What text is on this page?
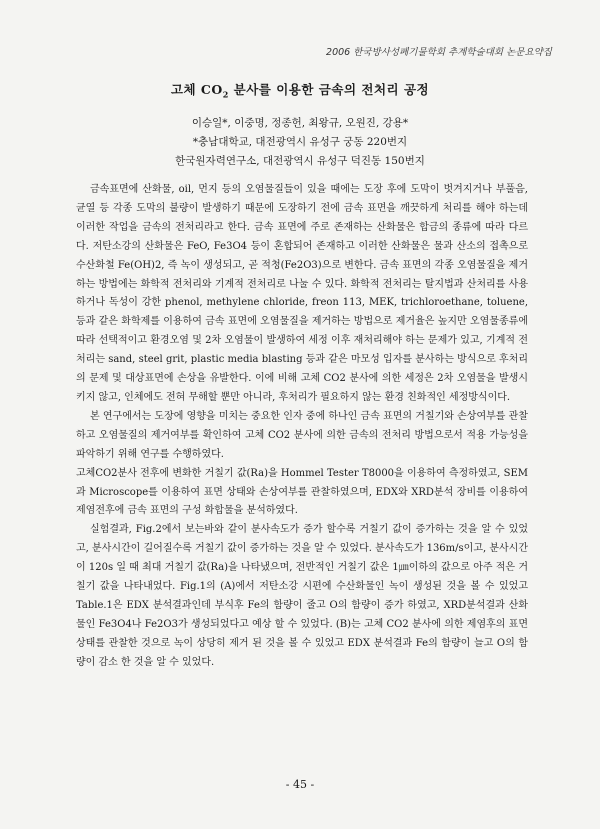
2006 한국방사성폐기물학회 추계학술대회 논문요약집
고체 $CO_2$ 분사를 이용한 금속의 전처리 공정
이승일*, 이중명, 정종헌, 최왕규, 오원진, 강용*
*충남대학교, 대전광역시 유성구 궁동 220번지
한국원자력연구소, 대전광역시 유성구 덕진동 150번지

금속표면에 산화물, oil, 먼지 등의 오염물질들이 있을 때에는 도장 후에 도막이 벗겨지거나 부풀음, 균열 등 각종 도막의 불량이 발생하기 때문에 도장하기 전에 금속 표면을 깨끗하게 처리를 해야 하는데 이러한 작업을 금속의 전처리라고 한다. 금속 표면에 주로 존재하는 산화물은 합금의 종류에 따라 다르다. 저탄소강의 산화물은 FeO, Fe3O4 등이 혼합되어 존재하고 이러한 산화물은 물과 산소의 접촉으로 수산화철 Fe(OH)2, 즉 녹이 생성되고, 곧 적청(Fe2O3)으로 변한다. 금속 표면의 각종 오염물질을 제거하는 방법에는 화학적 전처리와 기계적 전처리로 나눌 수 있다. 화학적 전처리는 탈지법과 산처리를 사용하거나 독성이 강한 phenol, methylene chloride, freon 113, MEK, trichloroethane, toluene, 등과 같은 화학제를 이용하여 금속 표면에 오염물질을 제거하는 방법으로 제거율은 높지만 오염물종류에 따라 선택적이고 환경오염 및 2차 오염물이 발생하여 세정 이후 재처리해야 하는 문제가 있고, 기계적 전처리는 sand, steel grit, plastic media blasting 등과 같은 마모성 입자를 분사하는 방식으로 후처리의 문제 및 대상표면에 손상을 유발한다. 이에 비해 고체 CO2 분사에 의한 세정은 2차 오염물을 발생시키지 않고, 인체에도 전혀 무해할 뿐만 아니라, 후처리가 필요하지 않는 환경 친화적인 세정방식이다.

본 연구에서는 도장에 영향을 미치는 중요한 인자 중에 하나인 금속 표면의 거칠기와 손상여부를 관찰하고 오염물질의 제거여부를 확인하여 고체 CO2 분사에 의한 금속의 전처리 방법으로서 적용 가능성을 파악하기 위해 연구를 수행하였다.

고체CO2분사 전후에 변화한 거칠기 값(Ra)을 Hommel Tester T8000을 이용하여 측정하였고, SEM과 Microscope를 이용하여 표면 상태와 손상여부를 관찰하였으며, EDX와 XRD분석 장비를 이용하여 제염전후에 금속 표면의 구성 화합물을 분석하였다.

실험결과, Fig.2에서 보는바와 같이 분사속도가 증가 할수록 거칠기 값이 증가하는 것을 알 수 있었고, 분사시간이 길어질수록 거칠기 값이 증가하는 것을 알 수 있었다. 분사속도가 136m/s이고, 분사시간이 120s 일 때 최대 거칠기 값(Ra)을 나타냈으며, 전반적인 거칠기 값은 1㎛이하의 값으로 아주 적은 거칠기 값을 나타내었다. Fig.1의 (A)에서 저탄소강 시편에 수산화물인 녹이 생성된 것을 볼 수 있었고 Table.1은 EDX 분석결과인데 부식후 Fe의 함량이 줄고 O의 함량이 증가 하였고, XRD분석결과 산화물인 Fe3O4나 Fe2O3가 생성되었다고 예상 할 수 있었다. (B)는 고체 CO2 분사에 의한 제염후의 표면 상태를 관찰한 것으로 녹이 상당히 제거 된 것을 볼 수 있었고 EDX 분석결과 Fe의 함량이 늘고 O의 함량이 감소 한 것을 알 수 있었다.

- 45 -
